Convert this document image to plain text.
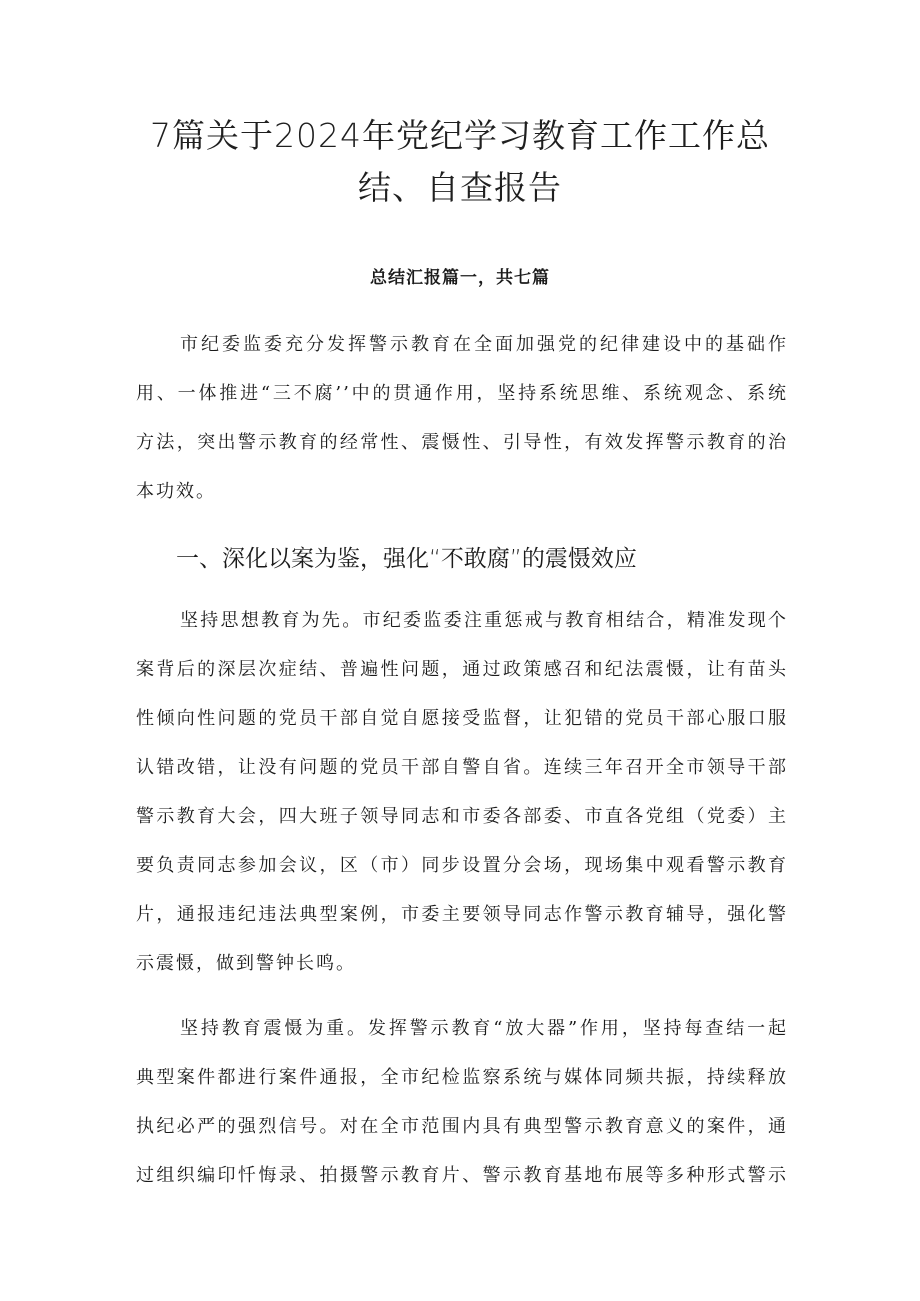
7篇关于2024年党纪学习教育工作工作总
结、自查报告

总结汇报篇一，共七篇

市纪委监委充分发挥警示教育在全面加强党的纪律建设中的基础作
用、一体推进“三不腐’’中的贯通作用，坚持系统思维、系统观念、系统
方法，突出警示教育的经常性、震慑性、引导性，有效发挥警示教育的治
本功效。
一、深化以案为鉴，强化“不敢腐”的震慑效应
坚持思想教育为先。市纪委监委注重惩戒与教育相结合，精准发现个
案背后的深层次症结、普遍性问题，通过政策感召和纪法震慑，让有苗头
性倾向性问题的党员干部自觉自愿接受监督，让犯错的党员干部心服口服
认错改错，让没有问题的党员干部自警自省。连续三年召开全市领导干部
警示教育大会，四大班子领导同志和市委各部委、市直各党组（党委）主
要负责同志参加会议，区（市）同步设置分会场，现场集中观看警示教育
片，通报违纪违法典型案例，市委主要领导同志作警示教育辅导，强化警
示震慑，做到警钟长鸣。
坚持教育震慑为重。发挥警示教育“放大器”作用，坚持每查结一起
典型案件都进行案件通报，全市纪检监察系统与媒体同频共振，持续释放
执纪必严的强烈信号。对在全市范围内具有典型警示教育意义的案件，通
过组织编印忏悔录、拍摄警示教育片、警示教育基地布展等多种形式警示
